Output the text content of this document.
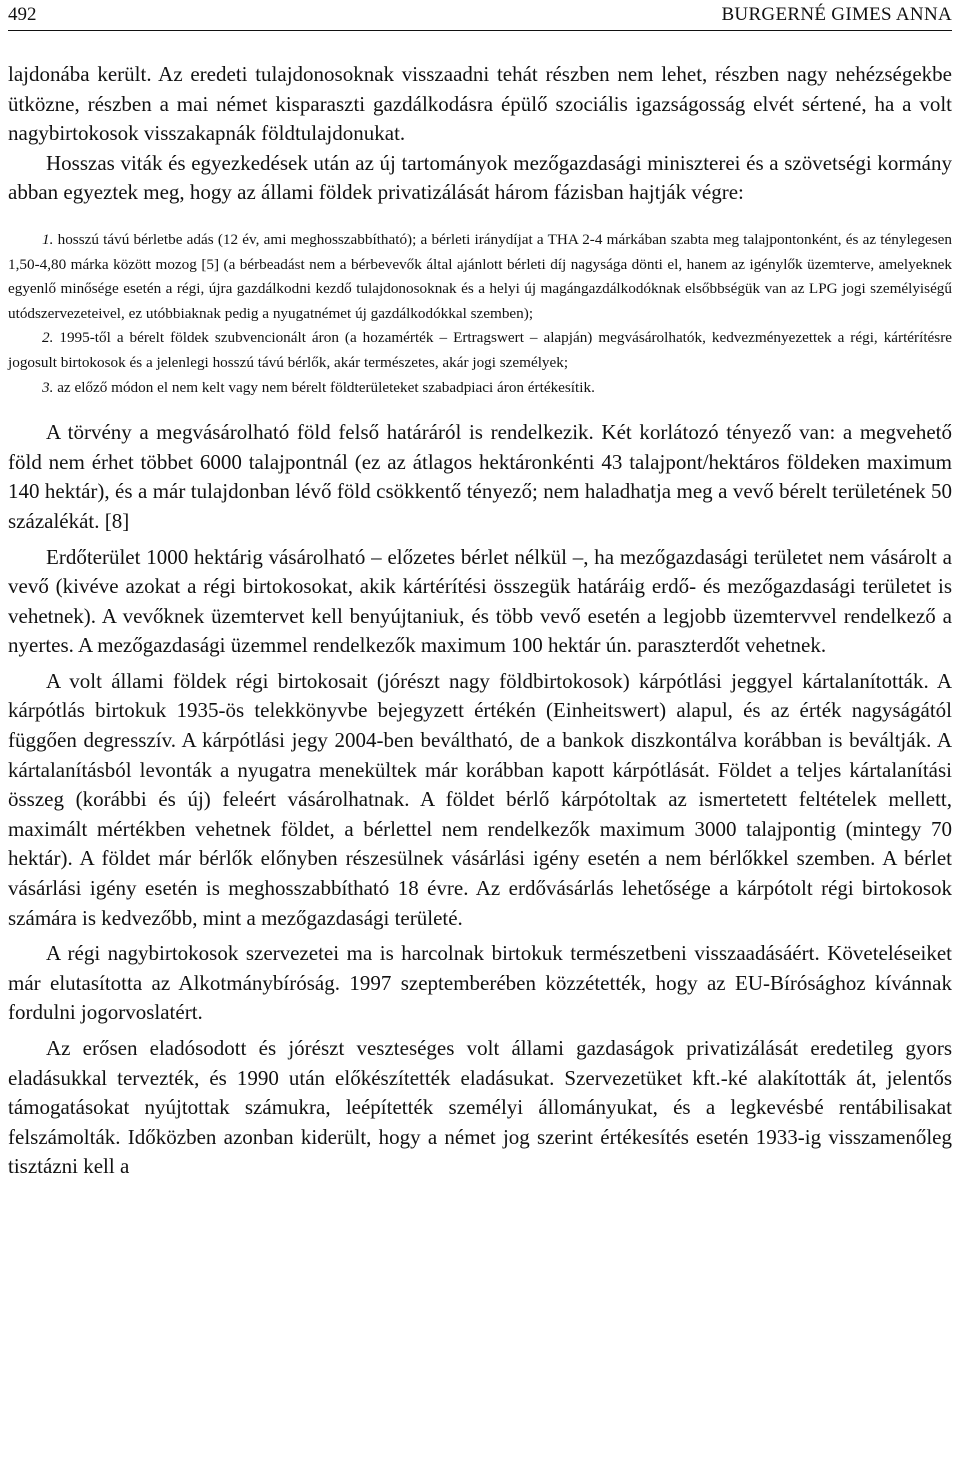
492	BURGERNÉ GIMES ANNA

lajdonába került. Az eredeti tulajdonosoknak visszaadni tehát részben nem lehet, részben nagy nehézségekbe ütközne, részben a mai német kisparaszti gazdálkodásra épülő szociális igazságosság elvét sértené, ha a volt nagybirtokosok visszakapnák földtulajdonukat.

Hosszas viták és egyezkedések után az új tartományok mezőgazdasági miniszterei és a szövetségi kormány abban egyeztek meg, hogy az állami földek privatizálását három fázisban hajtják végre:

1. hosszú távú bérletbe adás (12 év, ami meghosszabbítható); a bérleti iránydíjat a THA 2-4 márkában szabta meg talajpontonként, és az ténylegesen 1,50-4,80 márka között mozog [5] (a bérbeadást nem a bérbevevők által ajánlott bérleti díj nagysága dönti el, hanem az igénylők üzemterve, amelyeknek egyenlő minősége esetén a régi, újra gazdálkodni kezdő tulajdonosoknak és a helyi új magángazdálkodóknak elsőbbségük van az LPG jogi személyiségű utódszervezeteivel, ez utóbbiaknak pedig a nyugatnémet új gazdálkodókkal szemben);

2. 1995-től a bérelt földek szubvencionált áron (a hozamérték – Ertragswert – alapján) megvásárolhatók, kedvezményezettek a régi, kártérítésre jogosult birtokosok és a jelenlegi hosszú távú bérlők, akár természetes, akár jogi személyek;

3. az előző módon el nem kelt vagy nem bérelt földterületeket szabadpiaci áron értékesítik.

A törvény a megvásárolható föld felső határáról is rendelkezik. Két korlátozó tényező van: a megvehető föld nem érhet többet 6000 talajpontnál (ez az átlagos hektáronkénti 43 talajpont/hektáros földeken maximum 140 hektár), és a már tulajdonban lévő föld csökkentő tényező; nem haladhatja meg a vevő bérelt területének 50 százalékát. [8]

Erdőterület 1000 hektárig vásárolható – előzetes bérlet nélkül –, ha mezőgazdasági területet nem vásárolt a vevő (kivéve azokat a régi birtokosokat, akik kártérítési összegük határáig erdő- és mezőgazdasági területet is vehetnek). A vevőknek üzemtervet kell benyújtaniuk, és több vevő esetén a legjobb üzemtervvel rendelkező a nyertes. A mezőgazdasági üzemmel rendelkezők maximum 100 hektár ún. paraszterdőt vehetnek.

A volt állami földek régi birtokosait (jórészt nagy földbirtokosok) kárpótlási jeggyel kártalanították. A kárpótlás birtokuk 1935-ös telekkönyvbe bejegyzett értékén (Einheitswert) alapul, és az érték nagyságától függően degresszív. A kárpótlási jegy 2004-ben beváltható, de a bankok diszkontálva korábban is beváltják. A kártalanításból levonták a nyugatra menekültek már korábban kapott kárpótlását. Földet a teljes kártalanítási összeg (korábbi és új) feleért vásárolhatnak. A földet bérlő kárpótoltak az ismertetett feltételek mellett, maximált mértékben vehetnek földet, a bérlettel nem rendelkezők maximum 3000 talajpontig (mintegy 70 hektár). A földet már bérlők előnyben részesülnek vásárlási igény esetén a nem bérlőkkel szemben. A bérlet vásárlási igény esetén is meghosszabbítható 18 évre. Az erdővásárlás lehetősége a kárpótolt régi birtokosok számára is kedvezőbb, mint a mezőgazdasági területé.

A régi nagybirtokosok szervezetei ma is harcolnak birtokuk természetbeni visszaadásáért. Követeléseiket már elutasította az Alkotmánybíróság. 1997 szeptemberében közzétették, hogy az EU-Bírósághoz kívánnak fordulni jogorvoslatért.

Az erősen eladósodott és jórészt veszteséges volt állami gazdaságok privatizálását eredetileg gyors eladásukkal tervezték, és 1990 után előkészítették eladásukat. Szervezetüket kft.-ké alakították át, jelentős támogatásokat nyújtottak számukra, leépítették személyi állományukat, és a legkevésbé rentábilisakat felszámolták. Időközben azonban kiderült, hogy a német jog szerint értékesítés esetén 1933-ig visszamenőleg tisztázni kell a
